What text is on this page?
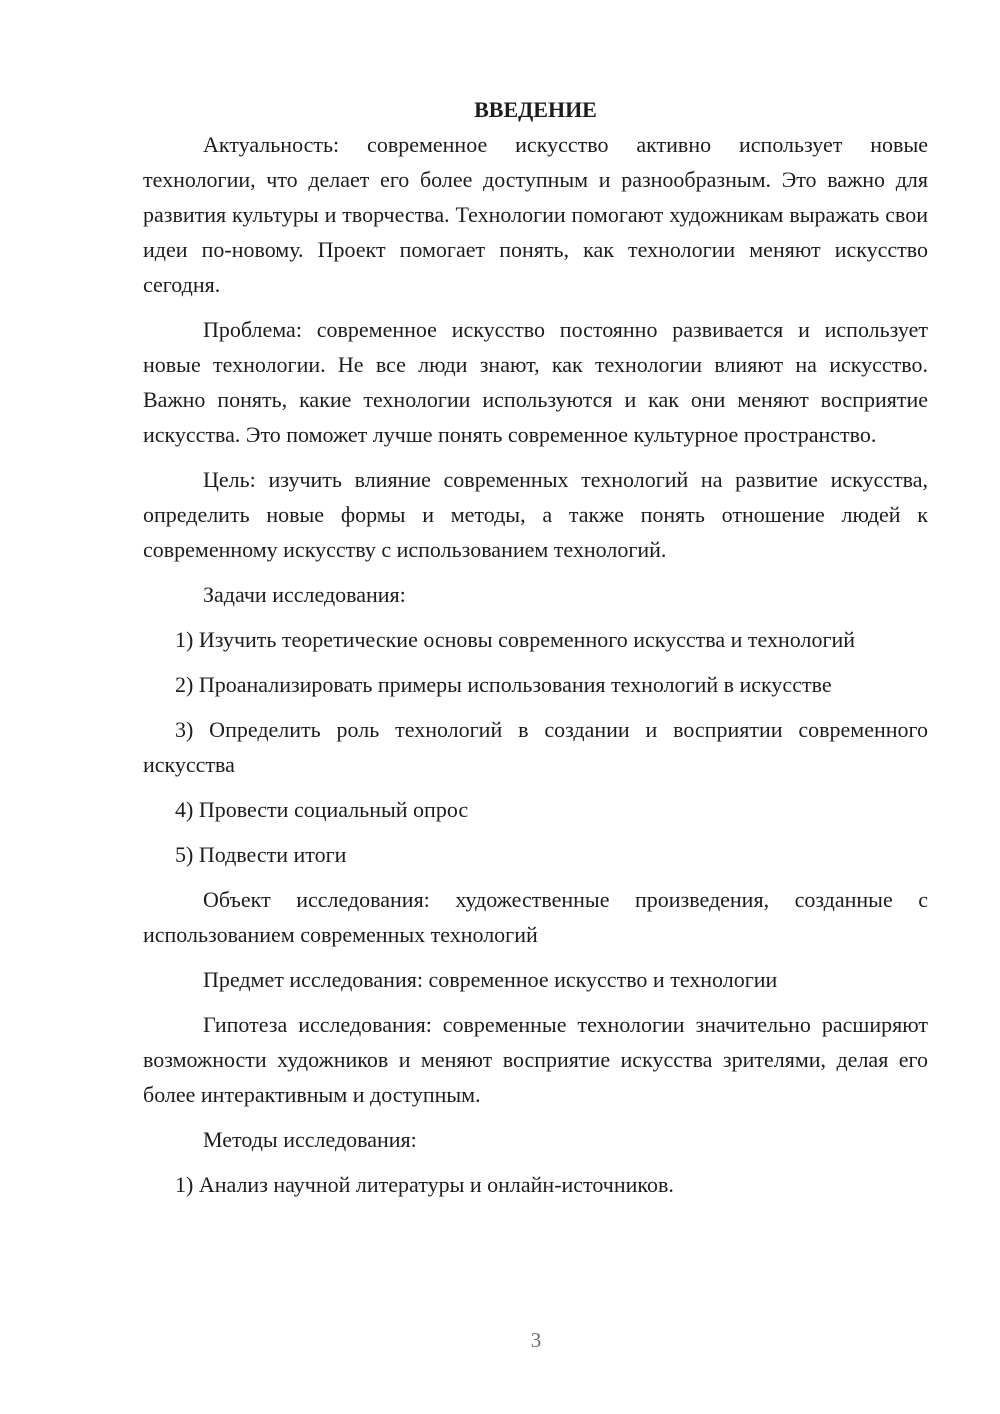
ВВЕДЕНИЕ

Актуальность: современное искусство активно использует новые технологии, что делает его более доступным и разнообразным. Это важно для развития культуры и творчества. Технологии помогают художникам выражать свои идеи по-новому. Проект помогает понять, как технологии меняют искусство сегодня.

Проблема: современное искусство постоянно развивается и использует новые технологии. Не все люди знают, как технологии влияют на искусство. Важно понять, какие технологии используются и как они меняют восприятие искусства. Это поможет лучше понять современное культурное пространство.

Цель: изучить влияние современных технологий на развитие искусства, определить новые формы и методы, а также понять отношение людей к современному искусству с использованием технологий.

Задачи исследования:

1) Изучить теоретические основы современного искусства и технологий

2) Проанализировать примеры использования технологий в искусстве

3) Определить роль технологий в создании и восприятии современного искусства

4) Провести социальный опрос

5) Подвести итоги

Объект исследования: художественные произведения, созданные с использованием современных технологий

Предмет исследования: современное искусство и технологии

Гипотеза исследования: современные технологии значительно расширяют возможности художников и меняют восприятие искусства зрителями, делая его более интерактивным и доступным.

Методы исследования:

1) Анализ научной литературы и онлайн-источников.

3
